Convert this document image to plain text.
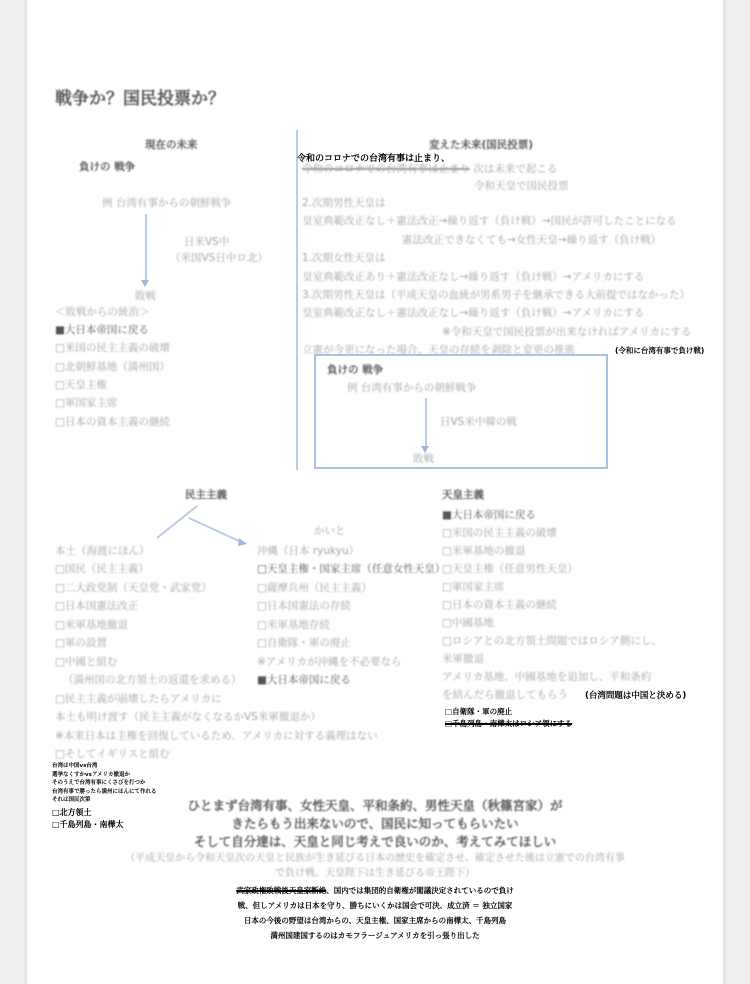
戦争か？国民投票か？
現在の未来
負けの 戦争
例 台湾有事からの朝鮮戦争
日米VS中
（米国VS日中ロ北）
敗戦
＜敗戦からの統治＞
■大日本帝国に戻る
□米国の民主主義の破壊
□北朝鮮基地（満州国）
□天皇主権
□軍国家主席
□日本の資本主義の継続
変えた未来(国民投票)
令和のコロナでの台湾有事は止まり、
令和のコロナでの台湾有事は止まり 次は未来で起こる
令和天皇で国民投票
2.次期男性天皇は
皇室典範改正なし＋憲法改正→繰り返す（負け戦）→国民が許可したことになる
憲法改正できなくても→女性天皇→繰り返す（負け戦）
1.次期女性天皇は
皇室典範改正あり＋憲法改正なし→繰り返す（負け戦）→アメリカにする
3.次期男性天皇は（平成天皇の血統が男系男子を継承できる大前提ではなかった）
皇室典範改正なし＋憲法改正なし→繰り返す（負け戦）→アメリカにする
※令和天皇で国民投票が出来なければアメリカにする
立憲が今更になった場合、天皇の存続を剥除と変更の推進	(令和に台湾有事で負け戦)
負けの 戦争
例 台湾有事からの朝鮮戦争
日VS米中韓の戦
敗戦
民主主義
本土（海渡にほん）
□国民（民主主義）
□二大政党制（天皇党・武家党）
□日本国憲法改正
□米軍基地撤退
□軍の設置
□中國と組む
（満州国の北方領土の返還を求める）
□民主主義が崩壊したらアメリカに
本土も明け渡す（民主主義がなくなるかVS米軍撤退か）
※本来日本は主権を回復しているため、アメリカに対する義理はない
□そしてイギリスと組む
かいと
沖縄（日本 ryukyu）
□天皇主権・国家主席（任意女性天皇）
□薩摩兵州（民主主義）
□日本国憲法の存続
□米軍基地存続
□自衛隊・軍の廃止
※アメリカが沖縄を不必要なら
■大日本帝国に戻る
台湾は中国vs台湾
選挙なくすかvsアメリカ撤退か
そのうえで台湾有事にくさびを打つか
台湾有事で勝ったら満州にほんにて作れる
それは国民次第
□北方領土
□千島列島・南樺太
天皇主義
■大日本帝国に戻る
□米国の民主主義の破壊
□米軍基地の撤退
□天皇主権（任意男性天皇）
□軍国家主席
□日本の資本主義の継続
□中國基地
□ロシアとの北方領土問題ではロシア側にし、
米軍撤退
アメリカ基地、中國基地を追加し、平和条約
を結んだら撤退してもらう (台湾問題は中国と決める)
□自衛隊・軍の廃止
□千島列島・南樺太はロシア領にする
ひとまず台湾有事、女性天皇、平和条約、男性天皇（秋篠宮家）が
きたらもう出来ないので、国民に知ってもらいたい
そして自分達は、天皇と同じ考えで良いのか、考えてみてほしい
（平成天皇から令和天皇次の天皇と民族が生き延びる日本の歴史を確定させ、確定させた後は立憲での台湾有事
で負け戦、天皇陛下は生き延びる帝王陛下）
武家政権敗戦後天皇家断絶、国内では集団的自衛権が閣議決定されているので負け
戦、但しアメリカは日本を守り、勝ちにいくかは国会で可決、成立済 ＝ 独立国家
日本の今後の野望は台湾からの、天皇主権、国家主席からの南樺太、千島列島
満州国建国するのはカモフラージュアメリカを引っ張り出した
